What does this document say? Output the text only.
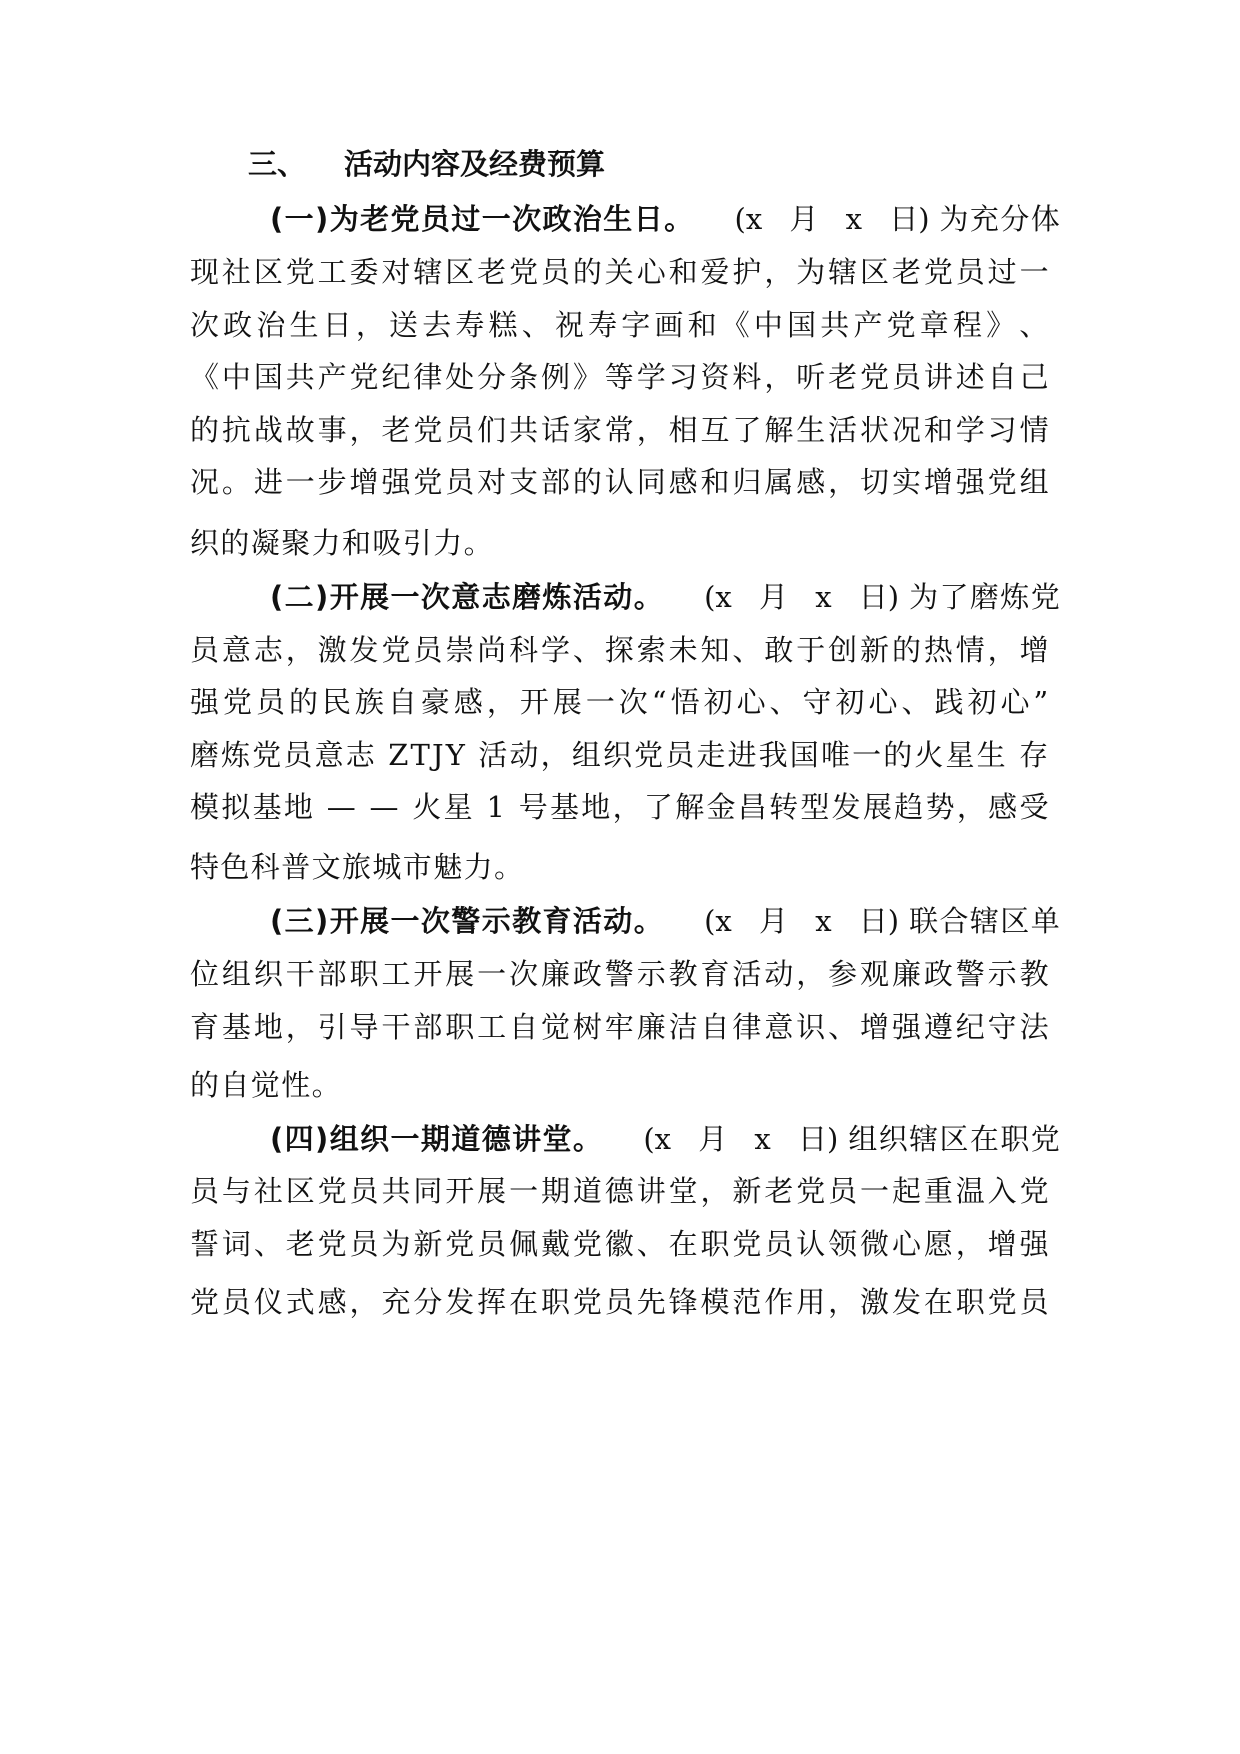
三、 活动内容及经费预算
(一)为老党员过一次政治生日。	(x 月 x 日) 为充分体
现 社 区 党 工 委 对 辖 区 老 党 员 的 关 心 和 爱 护 ， 为 辖 区 老 党 员 过 一
次 政 治 生 日 ， 送 去 寿 糕 、 祝 寿 字 画 和 《 中 国 共 产 党 章 程 》 、
《 中 国 共 产 党 纪 律 处 分 条 例 》 等 学 习 资 料 ， 听 老 党 员 讲 述 自 己
的 抗 战 故 事 ， 老 党 员 们 共 话 家 常 ， 相 互 了 解 生 活 状 况 和 学 习 情
况 。 进 一 步 增 强 党 员 对 支 部 的 认 同 感 和 归 属 感 ， 切 实 增 强 党 组
织的凝聚力和吸引力。
(二)开展一次意志磨炼活动。	(x 月 x 日) 为了磨炼党
员 意 志 ， 激 发 党 员 崇 尚 科 学 、 探 索 未 知 、 敢 于 创 新 的 热 情 ， 增
强 党 员 的 民 族 自 豪 感 ， 开 展 一 次 “ 悟 初 心 、 守 初 心 、 践 初 心 ”
磨 炼 党 员 意 志
Z T J Y
活 动 ， 组 织 党 员 走 进 我 国 唯 一 的 火 星 生
存
模 拟 基 地
—
—
火 星
1
号 基 地 ， 了 解 金 昌 转 型 发 展 趋 势 ， 感 受
特色科普文旅城市魅力。
(三)开展一次警示教育活动。	(x 月 x 日) 联合辖区单
位 组 织 干 部 职 工 开 展 一 次 廉 政 警 示 教 育 活 动 ， 参 观 廉 政 警 示 教
育 基 地 ， 引 导 干 部 职 工 自 觉 树 牢 廉 洁 自 律 意 识 、 增 强 遵 纪 守 法
的自觉性。
(四)组织一期道德讲堂。	(x 月 x 日) 组织辖区在职党
员 与 社 区 党 员 共 同 开 展 一 期 道 德 讲 堂 ， 新 老 党 员 一 起 重 温 入 党
誓 词 、 老 党 员 为 新 党 员 佩 戴 党 徽 、 在 职 党 员 认 领 微 心 愿 ， 增 强
党 员 仪 式 感 ， 充 分 发 挥 在 职 党 员 先 锋 模 范 作 用 ， 激 发 在 职 党 员
